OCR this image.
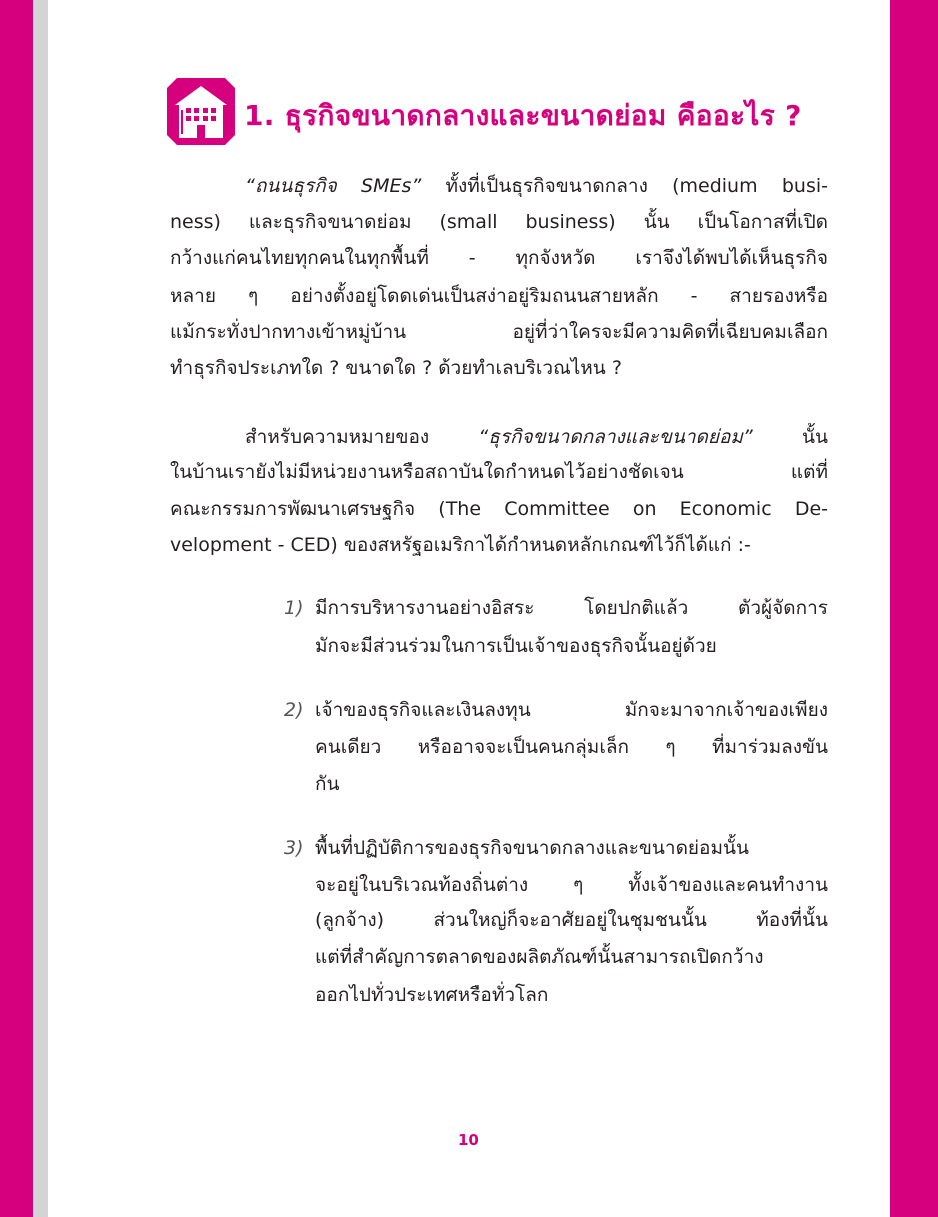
1. ธุรกิจขนาดกลางและขนาดย่อม คืออะไร ?
“ถนนธุรกิจ SMEs” ทั้งที่เป็นธุรกิจขนาดกลาง (medium busi-
ness) และธุรกิจขนาดย่อม (small business) นั้น เป็นโอกาสที่เปิด
กว้างแก่คนไทยทุกคนในทุกพื้นที่ - ทุกจังหวัด เราจึงได้พบได้เห็นธุรกิจ
หลาย ๆ อย่างตั้งอยู่โดดเด่นเป็นสง่าอยู่ริมถนนสายหลัก - สายรองหรือ
แม้กระทั่งปากทางเข้าหมู่บ้าน อยู่ที่ว่าใครจะมีความคิดที่เฉียบคมเลือก
ทำธุรกิจประเภทใด ? ขนาดใด ? ด้วยทำเลบริเวณไหน ?
สำหรับความหมายของ	“ธุรกิจขนาดกลางและขนาดย่อม”	นั้น
ในบ้านเรายังไม่มีหน่วยงานหรือสถาบันใดกำหนดไว้อย่างชัดเจน แต่ที่
คณะกรรมการพัฒนาเศรษฐกิจ (The Committee on Economic De-
velopment - CED) ของสหรัฐอเมริกาได้กำหนดหลักเกณฑ์ไว้ก็ได้แก่ :-
1) มีการบริหารงานอย่างอิสระ โดยปกติแล้ว ตัวผู้จัดการ
มักจะมีส่วนร่วมในการเป็นเจ้าของธุรกิจนั้นอยู่ด้วย
2) เจ้าของธุรกิจและเงินลงทุน มักจะมาจากเจ้าของเพียง
คนเดียว หรืออาจจะเป็นคนกลุ่มเล็ก ๆ ที่มาร่วมลงขัน
กัน
3) พื้นที่ปฏิบัติการของธุรกิจขนาดกลางและขนาดย่อมนั้น
จะอยู่ในบริเวณท้องถิ่นต่าง ๆ ทั้งเจ้าของและคนทำงาน
(ลูกจ้าง) ส่วนใหญ่ก็จะอาศัยอยู่ในชุมชนนั้น ท้องที่นั้น
แต่ที่สำคัญการตลาดของผลิตภัณฑ์นั้นสามารถเปิดกว้าง
ออกไปทั่วประเทศหรือทั่วโลก
10
